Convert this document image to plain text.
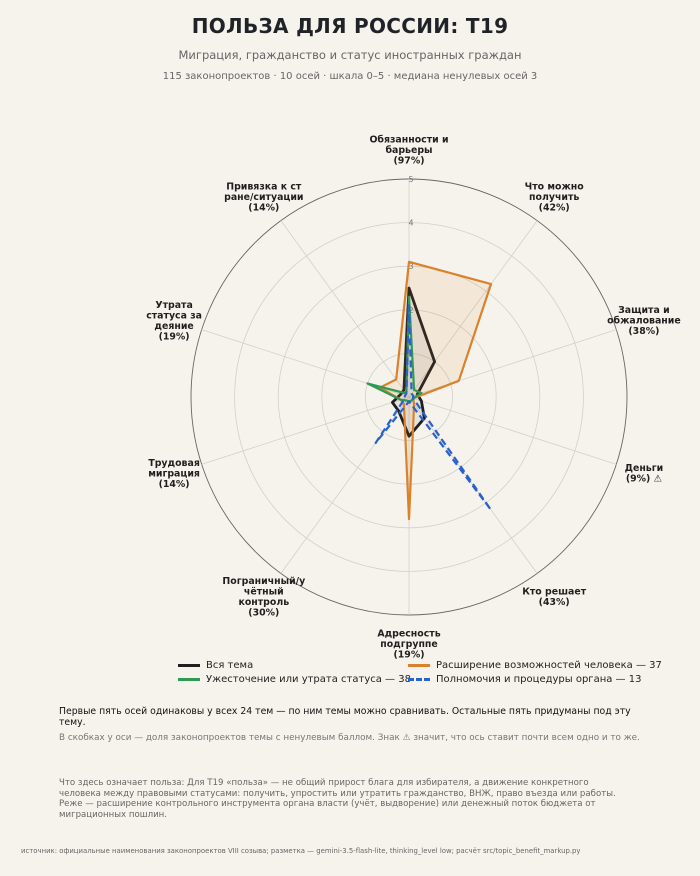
ПОЛЬЗА ДЛЯ РОССИИ: Т19
Миграция, гражданство и статус иностранных граждан
115 законопроектов · 10 осей · шкала 0–5 · медиана ненулевых осей 3
1
2
3
4
5
Обязанности и барьеры (97%)
Что можно получить (42%)
Защита и обжалование (38%)
Деньги (9%) ⚠
Кто решает (43%)
Адресность подгруппе (19%)
Пограничный/у чётный контроль (30%)
Трудовая миграция (14%)
Утрата статуса за деяние (19%)
Привязка к ст ране/ситуации (14%)
Вся тема	Расширение возможностей человека — 37
Ужесточение или утрата статуса — 38	Полномочия и процедуры органа — 13
Первые пять осей одинаковы у всех 24 тем — по ним темы можно сравнивать. Остальные пять придуманы под эту тему.
В скобках у оси — доля законопроектов темы с ненулевым баллом. Знак ⚠ значит, что ось ставит почти всем одно и то же.
Что здесь означает польза: Для Т19 «польза» — не общий прирост блага для избирателя, а движение конкретного человека между правовыми статусами: получить, упростить или утратить гражданство, ВНЖ, право въезда или работы. Реже — расширение контрольного инструмента органа власти (учёт, выдворение) или денежный поток бюджета от миграционных пошлин.
источник: официальные наименования законопроектов VIII созыва; разметка — gemini-3.5-flash-lite, thinking_level low; расчёт src/topic_benefit_markup.py
